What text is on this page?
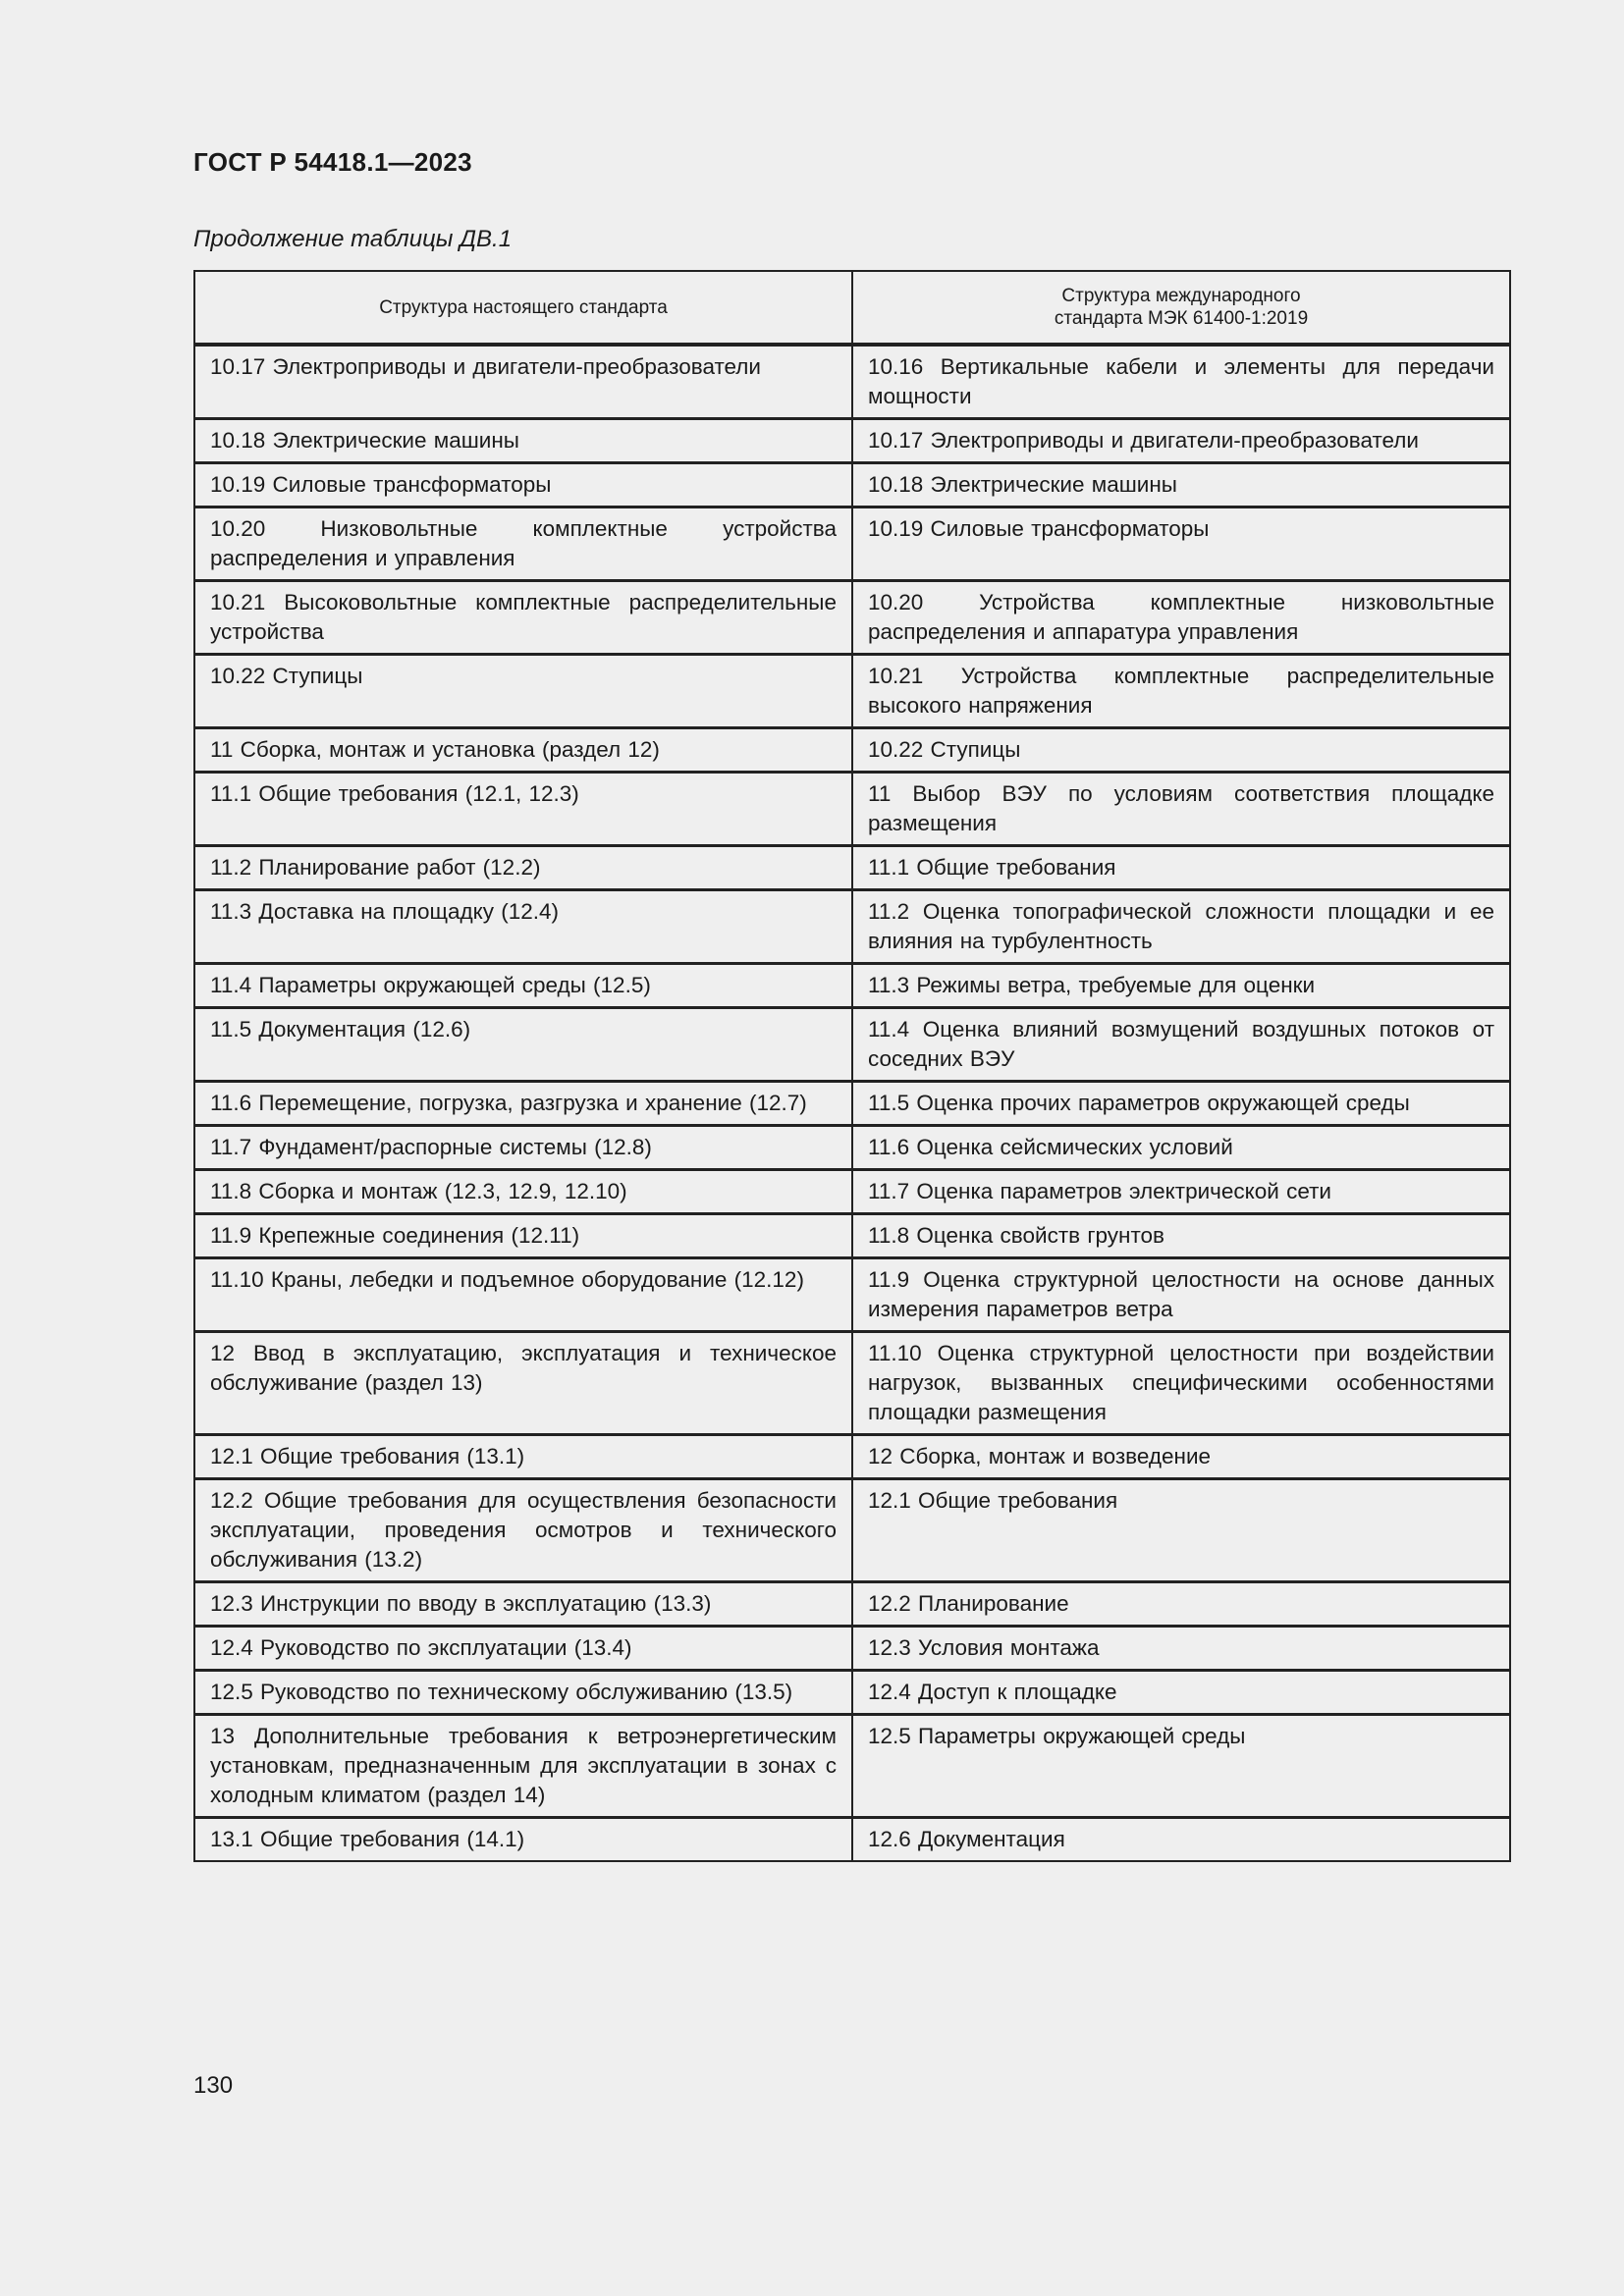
ГОСТ Р 54418.1—2023
Продолжение таблицы ДВ.1
Структура настоящего стандарта	Структура международного стандарта МЭК 61400-1:2019

10.17 Электроприводы и двигатели-преобразователи	10.16 Вертикальные кабели и элементы для передачи мощности

10.18 Электрические машины	10.17 Электроприводы и двигатели-преобразователи

10.19 Силовые трансформаторы	10.18 Электрические машины

10.20 Низковольтные комплектные устройства распределения и управления	10.19 Силовые трансформаторы

10.21 Высоковольтные комплектные распределительные устройства	10.20 Устройства комплектные низковольтные распределения и аппаратура управления

10.22 Ступицы	10.21 Устройства комплектные распределительные высокого напряжения

11 Сборка, монтаж и установка (раздел 12)	10.22 Ступицы

11.1 Общие требования (12.1, 12.3)	11 Выбор ВЭУ по условиям соответствия площадке размещения

11.2 Планирование работ (12.2)	11.1 Общие требования

11.3 Доставка на площадку (12.4)	11.2 Оценка топографической сложности площадки и ее влияния на турбулентность

11.4 Параметры окружающей среды (12.5)	11.3 Режимы ветра, требуемые для оценки

11.5 Документация (12.6)	11.4 Оценка влияний возмущений воздушных потоков от соседних ВЭУ

11.6 Перемещение, погрузка, разгрузка и хранение (12.7)	11.5 Оценка прочих параметров окружающей среды

11.7 Фундамент/распорные системы (12.8)	11.6 Оценка сейсмических условий

11.8 Сборка и монтаж (12.3, 12.9, 12.10)	11.7 Оценка параметров электрической сети

11.9 Крепежные соединения (12.11)	11.8 Оценка свойств грунтов

11.10 Краны, лебедки и подъемное оборудование (12.12)	11.9 Оценка структурной целостности на основе данных измерения параметров ветра

12 Ввод в эксплуатацию, эксплуатация и техническое обслуживание (раздел 13)	11.10 Оценка структурной целостности при воздействии нагрузок, вызванных специфическими особенностями площадки размещения

12.1 Общие требования (13.1)	12 Сборка, монтаж и возведение

12.2 Общие требования для осуществления безопасности эксплуатации, проведения осмотров и технического обслуживания (13.2)	12.1 Общие требования

12.3 Инструкции по вводу в эксплуатацию (13.3)	12.2 Планирование

12.4 Руководство по эксплуатации (13.4)	12.3 Условия монтажа

12.5 Руководство по техническому обслуживанию (13.5)	12.4 Доступ к площадке

13 Дополнительные требования к ветроэнергетическим установкам, предназначенным для эксплуатации в зонах с холодным климатом (раздел 14)	12.5 Параметры окружающей среды

13.1 Общие требования (14.1)	12.6 Документация
130
